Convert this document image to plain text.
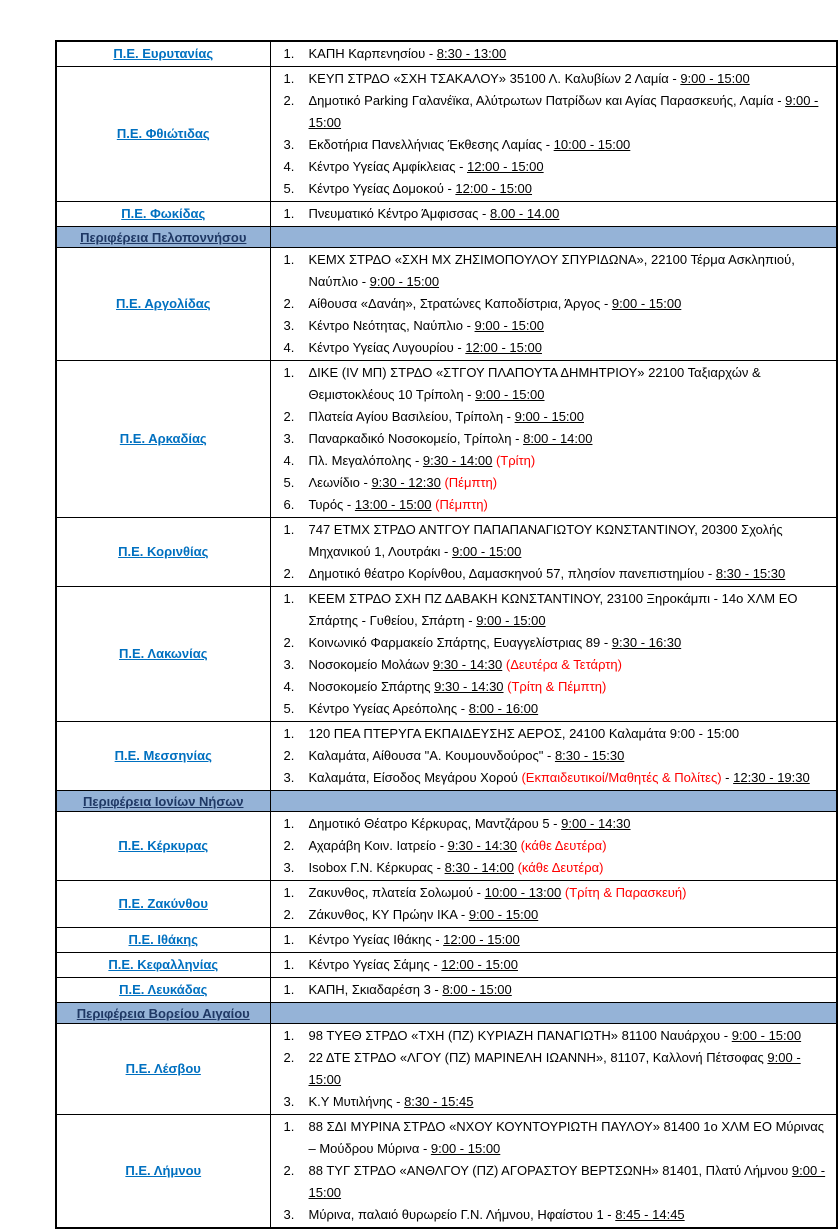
Π.Ε. Ευρυτανίας	1. ΚΑΠΗ Καρπενησίου - 8:30 - 13:00

Π.Ε. Φθιώτιδας	
1.	ΚΕΥΠ ΣΤΡΔΟ «ΣΧΗ ΤΣΑΚΑΛΟΥ» 35100 Λ. Καλυβίων 2 Λαμία - 9:00 - 15:00
2.	Δημοτικό Parking Γαλανέϊκα, Αλύτρωτων Πατρίδων και Αγίας Παρασκευής, Λαμία - 9:00 - 15:00
3.	Εκδοτήρια Πανελλήνιας Έκθεσης Λαμίας - 10:00 - 15:00
4.	Κέντρο Υγείας Αμφίκλειας - 12:00 - 15:00
5.	Κέντρο Υγείας Δομοκού - 12:00 - 15:00

Π.Ε. Φωκίδας	1. Πνευματικό Κέντρο Άμφισσας - 8.00 - 14.00

Περιφέρεια Πελοποννήσου	
Π.Ε. Αργολίδας	
1.	ΚΕΜΧ ΣΤΡΔΟ «ΣΧΗ ΜΧ ΖΗΣΙΜΟΠΟΥΛΟΥ ΣΠΥΡΙΔΩΝΑ», 22100 Τέρμα Ασκληπιού, Ναύπλιο - 9:00 - 15:00
2.	Αίθουσα «Δανάη», Στρατώνες Καποδίστρια, Άργος - 9:00 - 15:00
3.	Κέντρο Νεότητας, Ναύπλιο - 9:00 - 15:00
4.	Κέντρο Υγείας Λυγουρίου - 12:00 - 15:00

Π.Ε. Αρκαδίας	
1.	ΔΙΚΕ (ΙV ΜΠ) ΣΤΡΔΟ «ΣΤΓΟΥ ΠΛΑΠΟΥΤΑ ΔΗΜΗΤΡΙΟΥ» 22100 Ταξιαρχών & Θεμιστοκλέους 10 Τρίπολη - 9:00 - 15:00
2.	Πλατεία Αγίου Βασιλείου, Τρίπολη - 9:00 - 15:00
3.	Παναρκαδικό Νοσοκομείο, Τρίπολη - 8:00 - 14:00
4.	Πλ. Μεγαλόπολης - 9:30 - 14:00 (Τρίτη)
5.	Λεωνίδιο - 9:30 - 12:30 (Πέμπτη)
6.	Τυρός - 13:00 - 15:00 (Πέμπτη)

Π.Ε. Κορινθίας	1. 747 ΕΤΜΧ ΣΤΡΔΟ ΑΝΤΓΟΥ ΠΑΠΑΠΑΝΑΓΙΩΤΟΥ ΚΩΝΣΤΑΝΤΙΝΟΥ, 20300 Σχολής Μηχανικού 1, Λουτράκι - 9:00 - 15:00
2. Δημοτικό θέατρο Κορίνθου, Δαμασκηνού 57, πλησίον πανεπιστημίου - 8:30 - 15:30

Π.Ε. Λακωνίας	
1.	ΚΕΕΜ ΣΤΡΔΟ ΣΧΗ ΠΖ ΔΑΒΑΚΗ ΚΩΝΣΤΑΝΤΙΝΟΥ, 23100 Ξηροκάμπι - 14ο ΧΛΜ ΕΟ Σπάρτης - Γυθείου, Σπάρτη - 9:00 - 15:00
2.	Κοινωνικό Φαρμακείο Σπάρτης, Ευαγγελίστριας 89 - 9:30 - 16:30
3.	Νοσοκομείο Μολάων 9:30 - 14:30 (Δευτέρα & Τετάρτη)
4.	Νοσοκομείο Σπάρτης 9:30 - 14:30 (Τρίτη & Πέμπτη)
5.	Κέντρο Υγείας Αρεόπολης - 8:00 - 16:00

Π.Ε. Μεσσηνίας	
1.	120 ΠΕΑ ΠΤΕΡΥΓΑ ΕΚΠΑΙΔΕΥΣΗΣ ΑΕΡΟΣ, 24100 Καλαμάτα 9:00 - 15:00
2.	Καλαμάτα, Αίθουσα "Α. Κουμουνδούρος" - 8:30 - 15:30
3.	Καλαμάτα, Είσοδος Μεγάρου Χορού (Εκπαιδευτικοί/Μαθητές & Πολίτες) - 12:30 - 19:30

Περιφέρεια Ιονίων Νήσων	
Π.Ε. Κέρκυρας	
1.	Δημοτικό Θέατρο Κέρκυρας, Μαντζάρου 5 - 9:00 - 14:30
2.	Αχαράβη Κοιν. Ιατρείο - 9:30 - 14:30 (κάθε Δευτέρα)
3.	Isobox Γ.Ν. Κέρκυρας - 8:30 - 14:00 (κάθε Δευτέρα)

Π.Ε. Ζακύνθου	1. Ζακυνθος, πλατεία Σολωμού - 10:00 - 13:00 (Τρίτη & Παρασκευή)
2. Ζάκυνθος, ΚΥ Πρώην ΙΚΑ - 9:00 - 15:00

Π.Ε. Ιθάκης	1. Κέντρο Υγείας Ιθάκης - 12:00 - 15:00

Π.Ε. Κεφαλληνίας	1. Κέντρο Υγείας Σάμης - 12:00 - 15:00

Π.Ε. Λευκάδας	1. ΚΑΠΗ, Σκιαδαρέση 3 - 8:00 - 15:00

Περιφέρεια Βορείου Αιγαίου	
Π.Ε. Λέσβου	
1.	98 ΤΥΕΘ ΣΤΡΔΟ «ΤΧΗ (ΠΖ) ΚΥΡΙΑΖΗ ΠΑΝΑΓΙΩΤΗ» 81100 Ναυάρχου - 9:00 - 15:00
2.	22 ΔΤΕ ΣΤΡΔΟ «ΛΓΟΥ (ΠΖ) ΜΑΡΙΝΕΛΗ ΙΩΑΝΝΗ», 81107, Καλλονή Πέτσοφας 9:00 - 15:00
3.	Κ.Υ Μυτιλήνης - 8:30 - 15:45

Π.Ε. Λήμνου	
1.	88 ΣΔΙ ΜΥΡΙΝΑ ΣΤΡΔΟ «ΝΧΟΥ ΚΟΥΝΤΟΥΡΙΩΤΗ ΠΑΥΛΟΥ» 81400 1ο ΧΛΜ ΕΟ Μύρινας – Μούδρου Μύρινα - 9:00 - 15:00
2.	88 ΤΥΓ ΣΤΡΔΟ «ΑΝΘΛΓΟΥ (ΠΖ) ΑΓΟΡΑΣΤΟΥ ΒΕΡΤΣΩΝΗ» 81401, Πλατύ Λήμνου 9:00 - 15:00
3.	Μύρινα, παλαιό θυρωρείο Γ.Ν. Λήμνου, Ηφαίστου 1 - 8:45 - 14:45
